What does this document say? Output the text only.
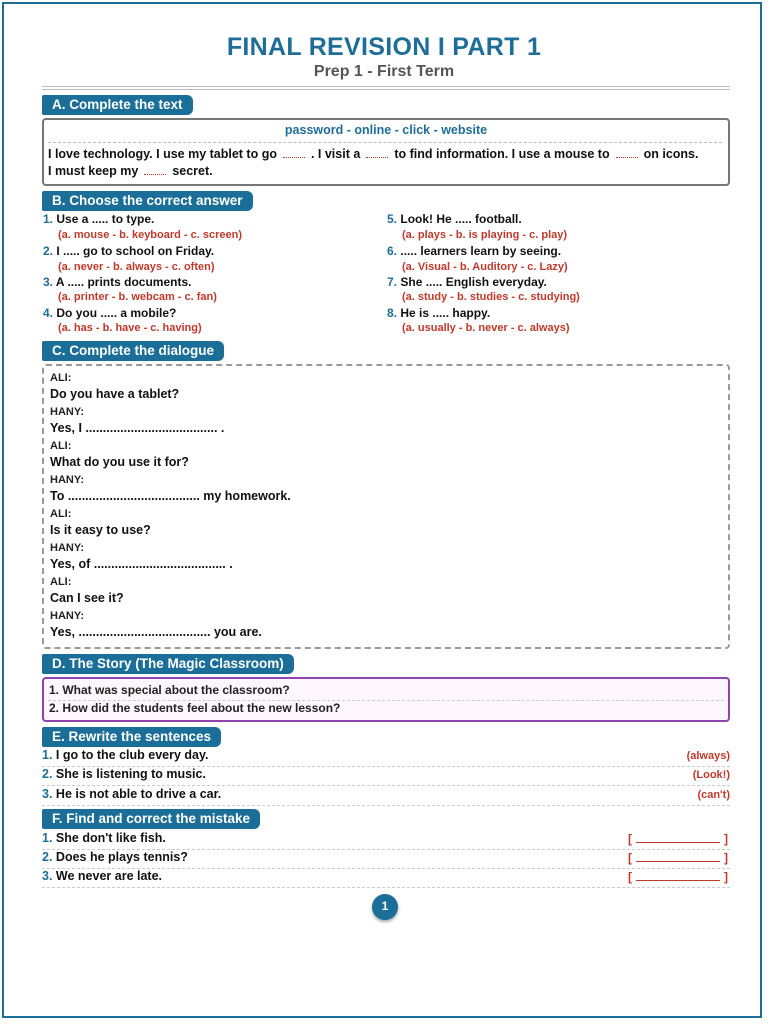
FINAL REVISION I PART 1
Prep 1 - First Term
A. Complete the text
password - online - click - website
I love technology. I use my tablet to go	. I visit a	to find information. I use a mouse to	on icons.
I must keep my	secret.
B. Choose the correct answer
1. Use a ..... to type.
(a. mouse - b. keyboard - c. screen)
2. I ..... go to school on Friday.
(a. never - b. always - c. often)
3. A ..... prints documents.
(a. printer - b. webcam - c. fan)
4. Do you ..... a mobile?
(a. has - b. have - c. having)
5. Look! He ..... football.
(a. plays - b. is playing - c. play)
6. ..... learners learn by seeing.
(a. Visual - b. Auditory - c. Lazy)
7. She ..... English everyday.
(a. study - b. studies - c. studying)
8. He is ..... happy.
(a. usually - b. never - c. always)
C. Complete the dialogue
ALI:
Do you have a tablet?
HANY:
Yes, I ...................................... .
ALI:
What do you use it for?
HANY:
To ...................................... my homework.
ALI:
Is it easy to use?
HANY:
Yes, of ...................................... .
ALI:
Can I see it?
HANY:
Yes, ...................................... you are.
D. The Story (The Magic Classroom)
1. What was special about the classroom?
2. How did the students feel about the new lesson?
E. Rewrite the sentences
1. I go to the club every day.	(always)
2. She is listening to music.	(Look!)
3. He is not able to drive a car.	(can't)
F. Find and correct the mistake
1. She don't like fish.	[	]
2. Does he plays tennis?	[	]
3. We never are late.	[	]
1
